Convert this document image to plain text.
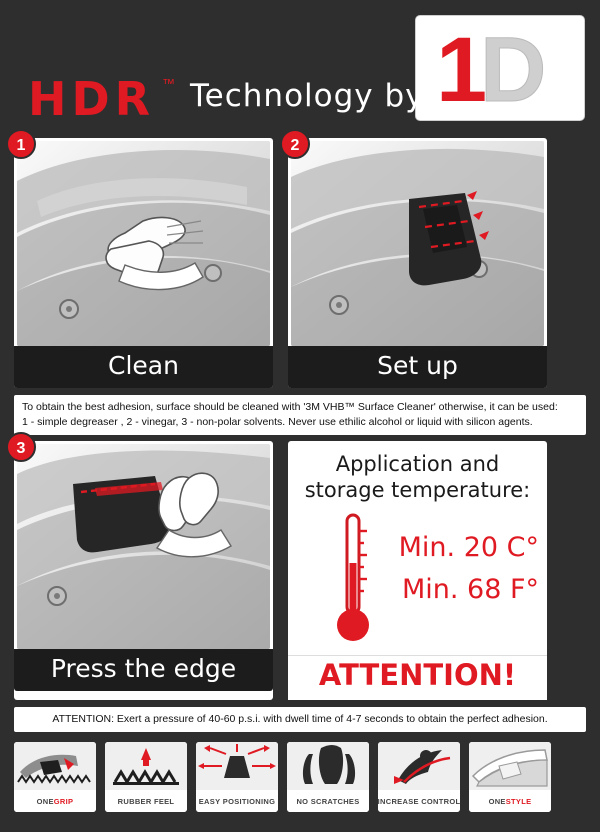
D
1
HDR ™ Technology by
1
Clean
2
Set up
To obtain the best adhesion, surface should be cleaned with '3M VHB™ Surface Cleaner' otherwise, it can be used:
1 - simple degreaser , 2 - vinegar, 3 - non-polar solvents. Never use ethilic alcohol or liquid with silicon agents.
3
Press the edge
Application and
storage temperature:
Min. 20 C°
Min. 68 F°
ATTENTION!
ATTENTION: Exert a pressure of 40-60 p.s.i. with dwell time of 4-7 seconds to obtain the perfect adhesion.
ONE GRIP	RUBBER FEEL	EASY
POSITIONING	NO SCRATCHES INCREASE
CONTROL	ONE STYLE
